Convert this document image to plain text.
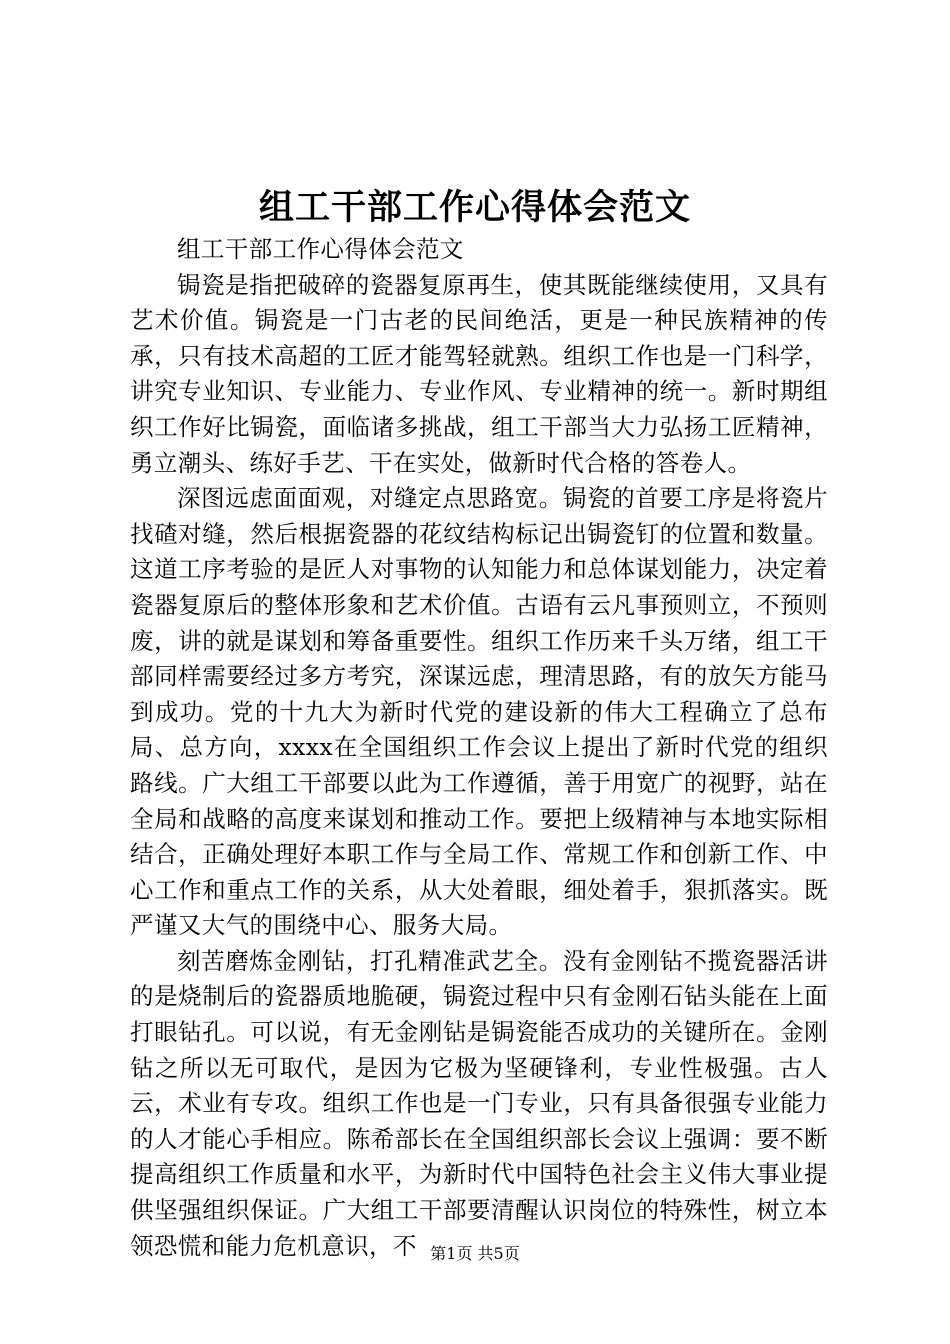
组工干部工作心得体会范文

组工干部工作心得体会范文

锔瓷是指把破碎的瓷器复原再生，使其既能继续使用，又具有艺术价值。锔瓷是一门古老的民间绝活，更是一种民族精神的传承，只有技术高超的工匠才能驾轻就熟。组织工作也是一门科学，讲究专业知识、专业能力、专业作风、专业精神的统一。新时期组织工作好比锔瓷，面临诸多挑战，组工干部当大力弘扬工匠精神，勇立潮头、练好手艺、干在实处，做新时代合格的答卷人。

深图远虑面面观，对缝定点思路宽。锔瓷的首要工序是将瓷片找碴对缝，然后根据瓷器的花纹结构标记出锔瓷钉的位置和数量。这道工序考验的是匠人对事物的认知能力和总体谋划能力，决定着瓷器复原后的整体形象和艺术价值。古语有云凡事预则立，不预则废，讲的就是谋划和筹备重要性。组织工作历来千头万绪，组工干部同样需要经过多方考究，深谋远虑，理清思路，有的放矢方能马到成功。党的十九大为新时代党的建设新的伟大工程确立了总布局、总方向，xxxx在全国组织工作会议上提出了新时代党的组织路线。广大组工干部要以此为工作遵循，善于用宽广的视野，站在全局和战略的高度来谋划和推动工作。要把上级精神与本地实际相结合，正确处理好本职工作与全局工作、常规工作和创新工作、中心工作和重点工作的关系，从大处着眼，细处着手，狠抓落实。既严谨又大气的围绕中心、服务大局。

刻苦磨炼金刚钻，打孔精准武艺全。没有金刚钻不揽瓷器活讲的是烧制后的瓷器质地脆硬，锔瓷过程中只有金刚石钻头能在上面打眼钻孔。可以说，有无金刚钻是锔瓷能否成功的关键所在。金刚钻之所以无可取代，是因为它极为坚硬锋利，专业性极强。古人云，术业有专攻。组织工作也是一门专业，只有具备很强专业能力的人才能心手相应。陈希部长在全国组织部长会议上强调：要不断提高组织工作质量和水平，为新时代中国特色社会主义伟大事业提供坚强组织保证。广大组工干部要清醒认识岗位的特殊性，树立本领恐慌和能力危机意识，不 第1页 共5页
